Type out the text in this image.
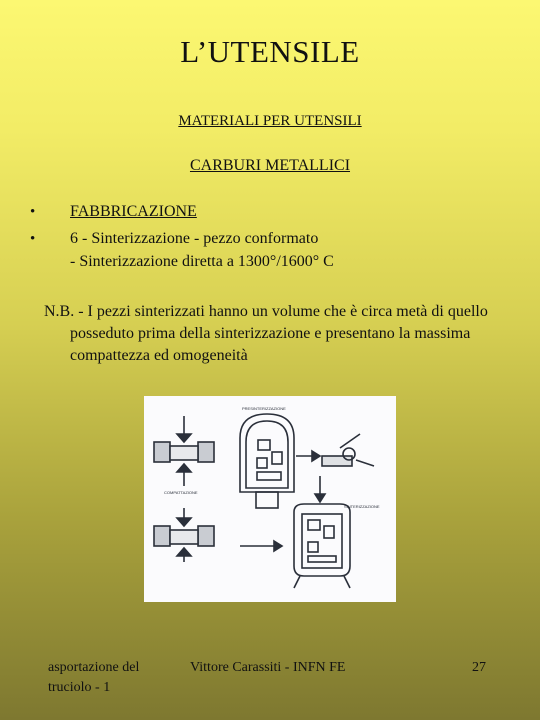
L’UTENSILE
MATERIALI PER UTENSILI
CARBURI METALLICI
• FABBRICAZIONE
• 6 - Sinterizzazione - pezzo conformato
- Sinterizzazione diretta a 1300°/1600° C
N.B. - I pezzi sinterizzati hanno un volume che è circa metà di quello posseduto prima della sinterizzazione e presentano la massima compattezza ed omogeneità
PRESINTERIZZAZIONE
COMPATTAZIONE
SINTERIZZAZIONE
asportazione del truciolo - 1
Vittore Carassiti - INFN FE	27
